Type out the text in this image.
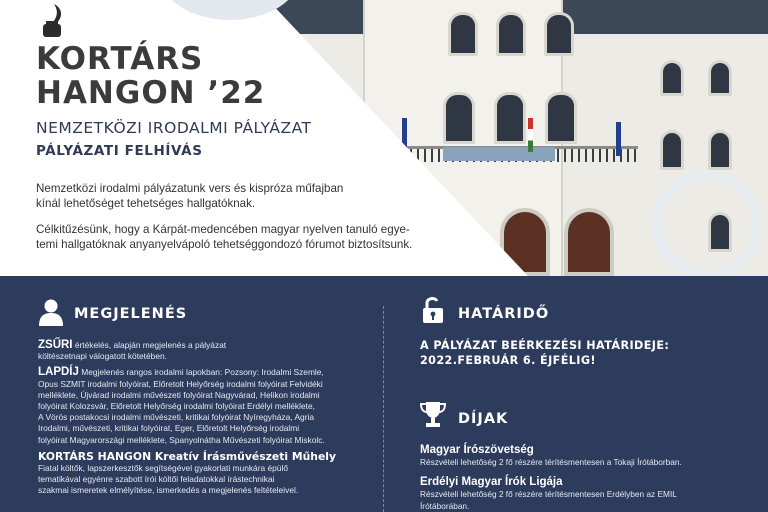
KORTÁRS
HANGON ’22
NEMZETKÖZI IRODALMI PÁLYÁZAT
PÁLYÁZATI FELHÍVÁS
Nemzetközi irodalmi pályázatunk vers és kispróza műfajban
kínál lehetőséget tehetséges hallgatóknak.
Célkitűzésünk, hogy a Kárpát-medencében magyar nyelven tanuló egye-
temi hallgatóknak anyanyelvápoló tehetséggondozó fórumot biztosítsunk.
MEGJELENÉS
ZSŰRI értékelés, alapján megjelenés a pályázat
költészetnapi válogatott kötetében.
LAPDÍJ Megjelenés rangos irodalmi lapokban: Pozsony: Irodalmi Szemle,
Opus SZMIT irodalmi folyóirat, Előretolt Helyőrség irodalmi folyóirat Felvidéki
melléklete, Újvárad irodalmi művészeti folyóirat Nagyvárad, Helikon irodalmi
folyóirat Kolozsvár, Előretolt Helyőrség irodalmi folyóirat Erdélyi melléklete,
A Vörös postakocsi irodalmi művészeti, kritikai folyóirat Nyíregyháza, Agria
Irodalmi, művészeti, kritikai folyóirat, Eger, Előretolt Helyőrség irodalmi
folyóirat Magyarországi melléklete, Spanyolnátha Művészeti folyóirat Miskolc.
KORTÁRS HANGON Kreatív Írásművészeti Műhely
Fiatal költők, lapszerkesztők segítségével gyakorlati munkára épülő
tematikával egyénre szabott írói költői feladatokkal írástechnikai
szakmai ismeretek elmélyítése, ismerkedés a megjelenés feltételeivel.
HATÁRIDŐ
A PÁLYÁZAT BEÉRKEZÉSI HATÁRIDEJE:
2022.FEBRUÁR 6. ÉJFÉLIG!
DÍJAK
Magyar Írószövetség
Részvételi lehetőség 2 fő részére térítésmentesen a Tokaji Írótáborban.
Erdélyi Magyar Írók Ligája
Részvételi lehetőség 2 fő részére térítésmentesen Erdélyben az EMIL
Írótáborában.
